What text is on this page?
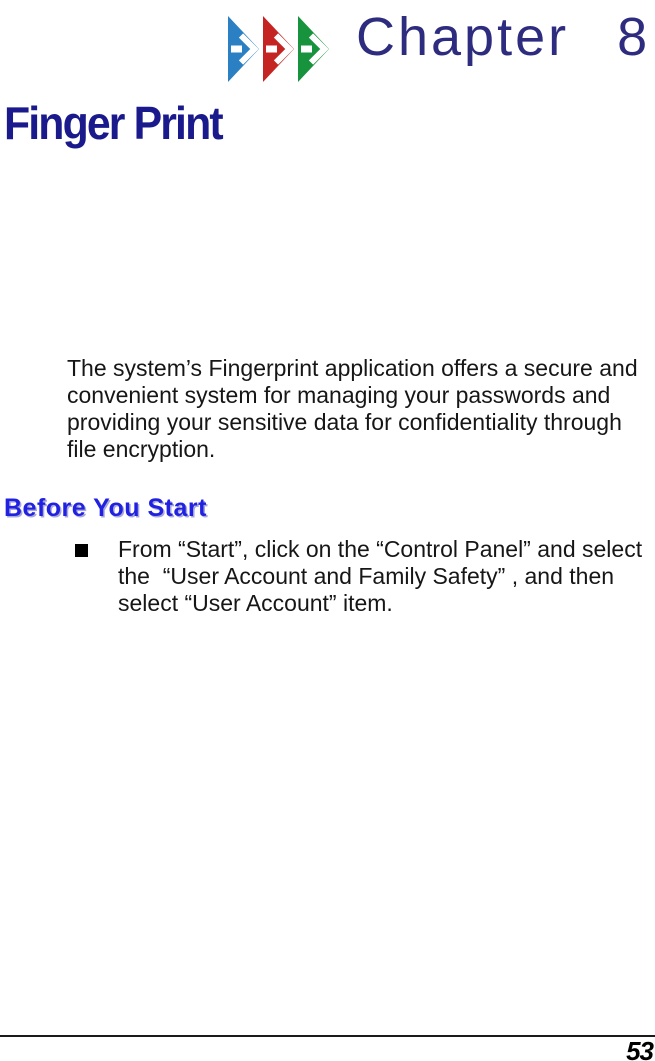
Chapter 8
Finger Print
The system’s Fingerprint application offers a secure and
convenient system for managing your passwords and
providing your sensitive data for confidentiality through
file encryption.
Before You Start
From “Start”, click on the “Control Panel” and select
the  “User Account and Family Safety” , and then
select “User Account” item.
53
